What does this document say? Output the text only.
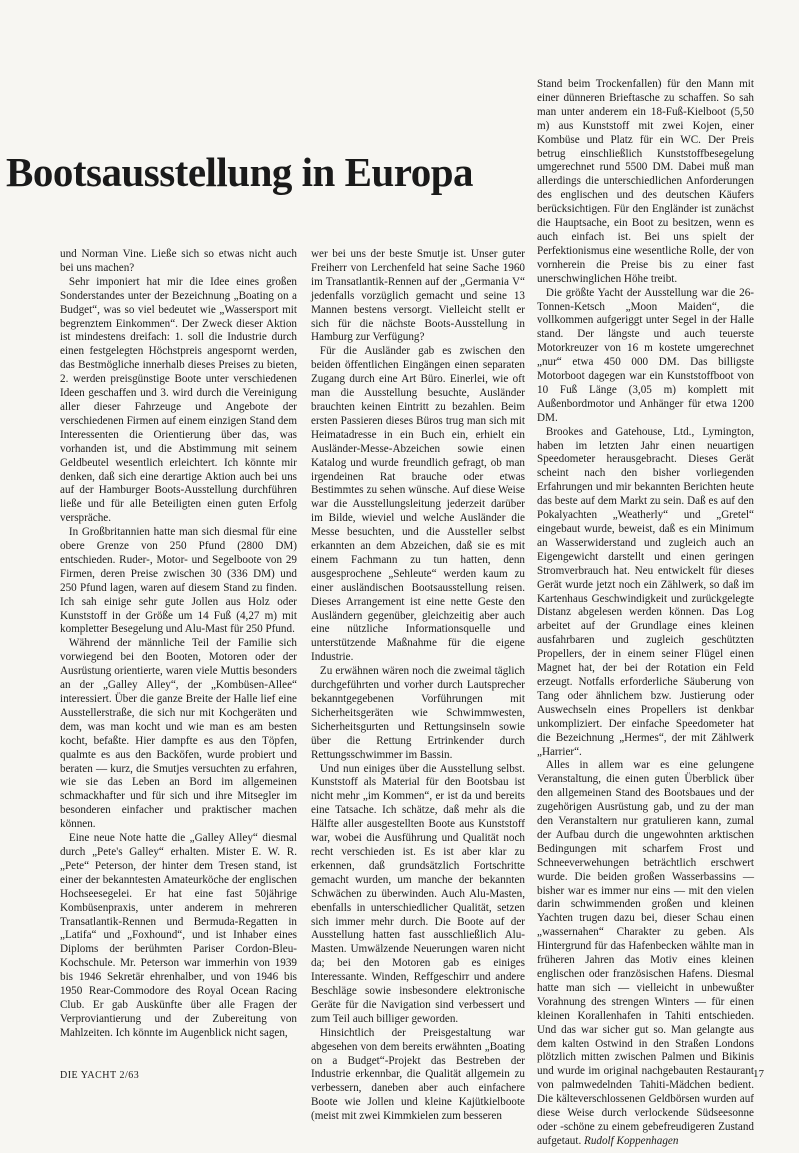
Bootsausstellung in Europa

und Norman Vine. Ließe sich so etwas nicht auch bei uns machen?

Sehr imponiert hat mir die Idee eines großen Sonderstandes unter der Bezeichnung „Boating on a Budget“, was so viel bedeutet wie „Wassersport mit begrenztem Einkommen“. Der Zweck dieser Aktion ist mindestens dreifach: 1. soll die Industrie durch einen festgelegten Höchstpreis angespornt werden, das Bestmögliche innerhalb dieses Preises zu bieten, 2. werden preisgünstige Boote unter verschiedenen Ideen geschaffen und 3. wird durch die Vereinigung aller dieser Fahrzeuge und Angebote der verschiedenen Firmen auf einem einzigen Stand dem Interessenten die Orientierung über das, was vorhanden ist, und die Abstimmung mit seinem Geldbeutel wesentlich erleichtert. Ich könnte mir denken, daß sich eine derartige Aktion auch bei uns auf der Hamburger Boots-Ausstellung durchführen ließe und für alle Beteiligten einen guten Erfolg verspräche.

In Großbritannien hatte man sich diesmal für eine obere Grenze von 250 Pfund (2800 DM) entschieden. Ruder-, Motor- und Segelboote von 29 Firmen, deren Preise zwischen 30 (336 DM) und 250 Pfund lagen, waren auf diesem Stand zu finden. Ich sah einige sehr gute Jollen aus Holz oder Kunststoff in der Größe um 14 Fuß (4,27 m) mit kompletter Besegelung und Alu-Mast für 250 Pfund.

Während der männliche Teil der Familie sich vorwiegend bei den Booten, Motoren oder der Ausrüstung orientierte, waren viele Muttis besonders an der „Galley Alley“, der „Kombüsen-Allee“ interessiert. Über die ganze Breite der Halle lief eine Ausstellerstraße, die sich nur mit Kochgeräten und dem, was man kocht und wie man es am besten kocht, befaßte. Hier dampfte es aus den Töpfen, qualmte es aus den Backöfen, wurde probiert und beraten — kurz, die Smutjes versuchten zu erfahren, wie sie das Leben an Bord im allgemeinen schmackhafter und für sich und ihre Mitsegler im besonderen einfacher und praktischer machen können.

Eine neue Note hatte die „Galley Alley“ diesmal durch „Pete's Galley“ erhalten. Mister E. W. R. „Pete“ Peterson, der hinter dem Tresen stand, ist einer der bekanntesten Amateurköche der englischen Hochseesegelei. Er hat eine fast 50jährige Kombüsenpraxis, unter anderem in mehreren Transatlantik-Rennen und Bermuda-Regatten in „Latifa“ und „Foxhound“, und ist Inhaber eines Diploms der berühmten Pariser Cordon-Bleu-Kochschule. Mr. Peterson war immerhin von 1939 bis 1946 Sekretär ehrenhalber, und von 1946 bis 1950 Rear-Commodore des Royal Ocean Racing Club. Er gab Auskünfte über alle Fragen der Verproviantierung und der Zubereitung von Mahlzeiten. Ich könnte im Augenblick nicht sagen,

wer bei uns der beste Smutje ist. Unser guter Freiherr von Lerchenfeld hat seine Sache 1960 im Transatlantik-Rennen auf der „Germania V“ jedenfalls vorzüglich gemacht und seine 13 Mannen bestens versorgt. Vielleicht stellt er sich für die nächste Boots-Ausstellung in Hamburg zur Verfügung?

Für die Ausländer gab es zwischen den beiden öffentlichen Eingängen einen separaten Zugang durch eine Art Büro. Einerlei, wie oft man die Ausstellung besuchte, Ausländer brauchten keinen Eintritt zu bezahlen. Beim ersten Passieren dieses Büros trug man sich mit Heimatadresse in ein Buch ein, erhielt ein Ausländer-Messe-Abzeichen sowie einen Katalog und wurde freundlich gefragt, ob man irgendeinen Rat brauche oder etwas Bestimmtes zu sehen wünsche. Auf diese Weise war die Ausstellungsleitung jederzeit darüber im Bilde, wieviel und welche Ausländer die Messe besuchten, und die Aussteller selbst erkannten an dem Abzeichen, daß sie es mit einem Fachmann zu tun hatten, denn ausgesprochene „Sehleute“ werden kaum zu einer ausländischen Bootsausstellung reisen. Dieses Arrangement ist eine nette Geste den Ausländern gegenüber, gleichzeitig aber auch eine nützliche Informationsquelle und unterstützende Maßnahme für die eigene Industrie.

Zu erwähnen wären noch die zweimal täglich durchgeführten und vorher durch Lautsprecher bekanntgegebenen Vorführungen mit Sicherheitsgeräten wie Schwimmwesten, Sicherheitsgurten und Rettungsinseln sowie über die Rettung Ertrinkender durch Rettungsschwimmer im Bassin.

Und nun einiges über die Ausstellung selbst. Kunststoff als Material für den Bootsbau ist nicht mehr „im Kommen“, er ist da und bereits eine Tatsache. Ich schätze, daß mehr als die Hälfte aller ausgestellten Boote aus Kunststoff war, wobei die Ausführung und Qualität noch recht verschieden ist. Es ist aber klar zu erkennen, daß grundsätzlich Fortschritte gemacht wurden, um manche der bekannten Schwächen zu überwinden. Auch Alu-Masten, ebenfalls in unterschiedlicher Qualität, setzen sich immer mehr durch. Die Boote auf der Ausstellung hatten fast ausschließlich Alu-Masten. Umwälzende Neuerungen waren nicht da; bei den Motoren gab es einiges Interessante. Winden, Reffgeschirr und andere Beschläge sowie insbesondere elektronische Geräte für die Navigation sind verbessert und zum Teil auch billiger geworden.

Hinsichtlich der Preisgestaltung war abgesehen von dem bereits erwähnten „Boating on a Budget“-Projekt das Bestreben der Industrie erkennbar, die Qualität allgemein zu verbessern, daneben aber auch einfachere Boote wie Jollen und kleine Kajütkielboote (meist mit zwei Kimmkielen zum besseren

Stand beim Trockenfallen) für den Mann mit einer dünneren Brieftasche zu schaffen. So sah man unter anderem ein 18-Fuß-Kielboot (5,50 m) aus Kunststoff mit zwei Kojen, einer Kombüse und Platz für ein WC. Der Preis betrug einschließlich Kunststoffbesegelung umgerechnet rund 5500 DM. Dabei muß man allerdings die unterschiedlichen Anforderungen des englischen und des deutschen Käufers berücksichtigen. Für den Engländer ist zunächst die Hauptsache, ein Boot zu besitzen, wenn es auch einfach ist. Bei uns spielt der Perfektionismus eine wesentliche Rolle, der von vornherein die Preise bis zu einer fast unerschwinglichen Höhe treibt.

Die größte Yacht der Ausstellung war die 26-Tonnen-Ketsch „Moon Maiden“, die vollkommen aufgeriggt unter Segel in der Halle stand. Der längste und auch teuerste Motorkreuzer von 16 m kostete umgerechnet „nur“ etwa 450 000 DM. Das billigste Motorboot dagegen war ein Kunststoffboot von 10 Fuß Länge (3,05 m) komplett mit Außenbordmotor und Anhänger für etwa 1200 DM.

Brookes and Gatehouse, Ltd., Lymington, haben im letzten Jahr einen neuartigen Speedometer herausgebracht. Dieses Gerät scheint nach den bisher vorliegenden Erfahrungen und mir bekannten Berichten heute das beste auf dem Markt zu sein. Daß es auf den Pokalyachten „Weatherly“ und „Gretel“ eingebaut wurde, beweist, daß es ein Minimum an Wasserwiderstand und zugleich auch an Eigengewicht darstellt und einen geringen Stromverbrauch hat. Neu entwickelt für dieses Gerät wurde jetzt noch ein Zählwerk, so daß im Kartenhaus Geschwindigkeit und zurückgelegte Distanz abgelesen werden können. Das Log arbeitet auf der Grundlage eines kleinen ausfahrbaren und zugleich geschützten Propellers, der in einem seiner Flügel einen Magnet hat, der bei der Rotation ein Feld erzeugt. Notfalls erforderliche Säuberung von Tang oder ähnlichem bzw. Justierung oder Auswechseln eines Propellers ist denkbar unkompliziert. Der einfache Speedometer hat die Bezeichnung „Hermes“, der mit Zählwerk „Harrier“.

Alles in allem war es eine gelungene Veranstaltung, die einen guten Überblick über den allgemeinen Stand des Bootsbaues und der zugehörigen Ausrüstung gab, und zu der man den Veranstaltern nur gratulieren kann, zumal der Aufbau durch die ungewohnten arktischen Bedingungen mit scharfem Frost und Schneeverwehungen beträchtlich erschwert wurde. Die beiden großen Wasserbassins — bisher war es immer nur eins — mit den vielen darin schwimmenden großen und kleinen Yachten trugen dazu bei, dieser Schau einen „wassernahen“ Charakter zu geben. Als Hintergrund für das Hafenbecken wählte man in früheren Jahren das Motiv eines kleinen englischen oder französischen Hafens. Diesmal hatte man sich — vielleicht in unbewußter Vorahnung des strengen Winters — für einen kleinen Korallenhafen in Tahiti entschieden. Und das war sicher gut so. Man gelangte aus dem kalten Ostwind in den Straßen Londons plötzlich mitten zwischen Palmen und Bikinis und wurde im original nachgebauten Restaurant von palmwedelnden Tahiti-Mädchen bedient. Die kälteverschlossenen Geldbörsen wurden auf diese Weise durch verlockende Südseesonne oder -schöne zu einem gebefreudigeren Zustand aufgetaut. Rudolf Koppenhagen

DIE YACHT 2/63	17
